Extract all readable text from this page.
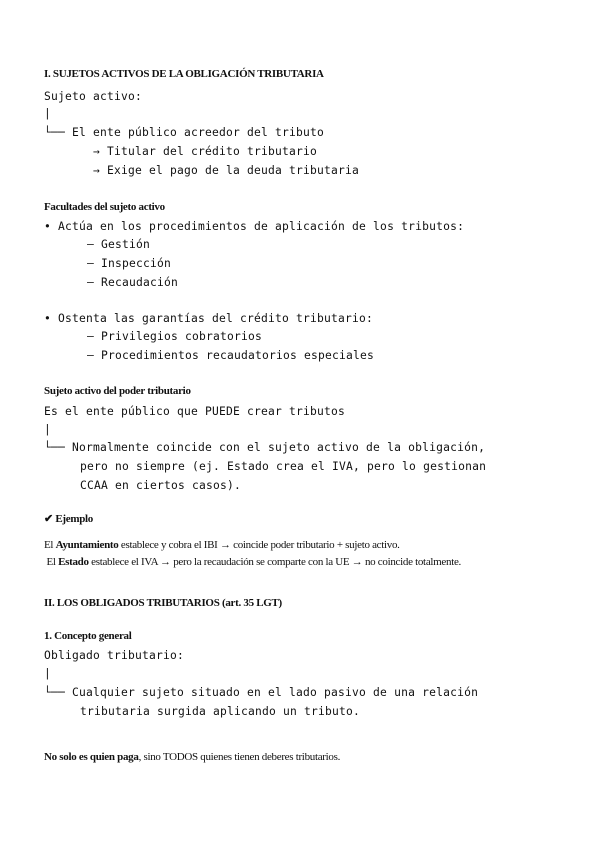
I. SUJETOS ACTIVOS DE LA OBLIGACIÓN TRIBUTARIA
Sujeto activo:
|
└── El ente público acreedor del tributo
→ Titular del crédito tributario
→ Exige el pago de la deuda tributaria
Facultades del sujeto activo
• Actúa en los procedimientos de aplicación de los tributos:
– Gestión
– Inspección
– Recaudación
• Ostenta las garantías del crédito tributario:
– Privilegios cobratorios
– Procedimientos recaudatorios especiales
Sujeto activo del poder tributario
Es el ente público que PUEDE crear tributos
|
└── Normalmente coincide con el sujeto activo de la obligación,
pero no siempre (ej. Estado crea el IVA, pero lo gestionan
CCAA en ciertos casos).
✔ Ejemplo
El Ayuntamiento establece y cobra el IBI → coincide poder tributario + sujeto activo.
El Estado establece el IVA → pero la recaudación se comparte con la UE → no coincide totalmente.
II. LOS OBLIGADOS TRIBUTARIOS (art. 35 LGT)
1. Concepto general
Obligado tributario:
|
└── Cualquier sujeto situado en el lado pasivo de una relación
tributaria surgida aplicando un tributo.
No solo es quien paga, sino TODOS quienes tienen deberes tributarios.
